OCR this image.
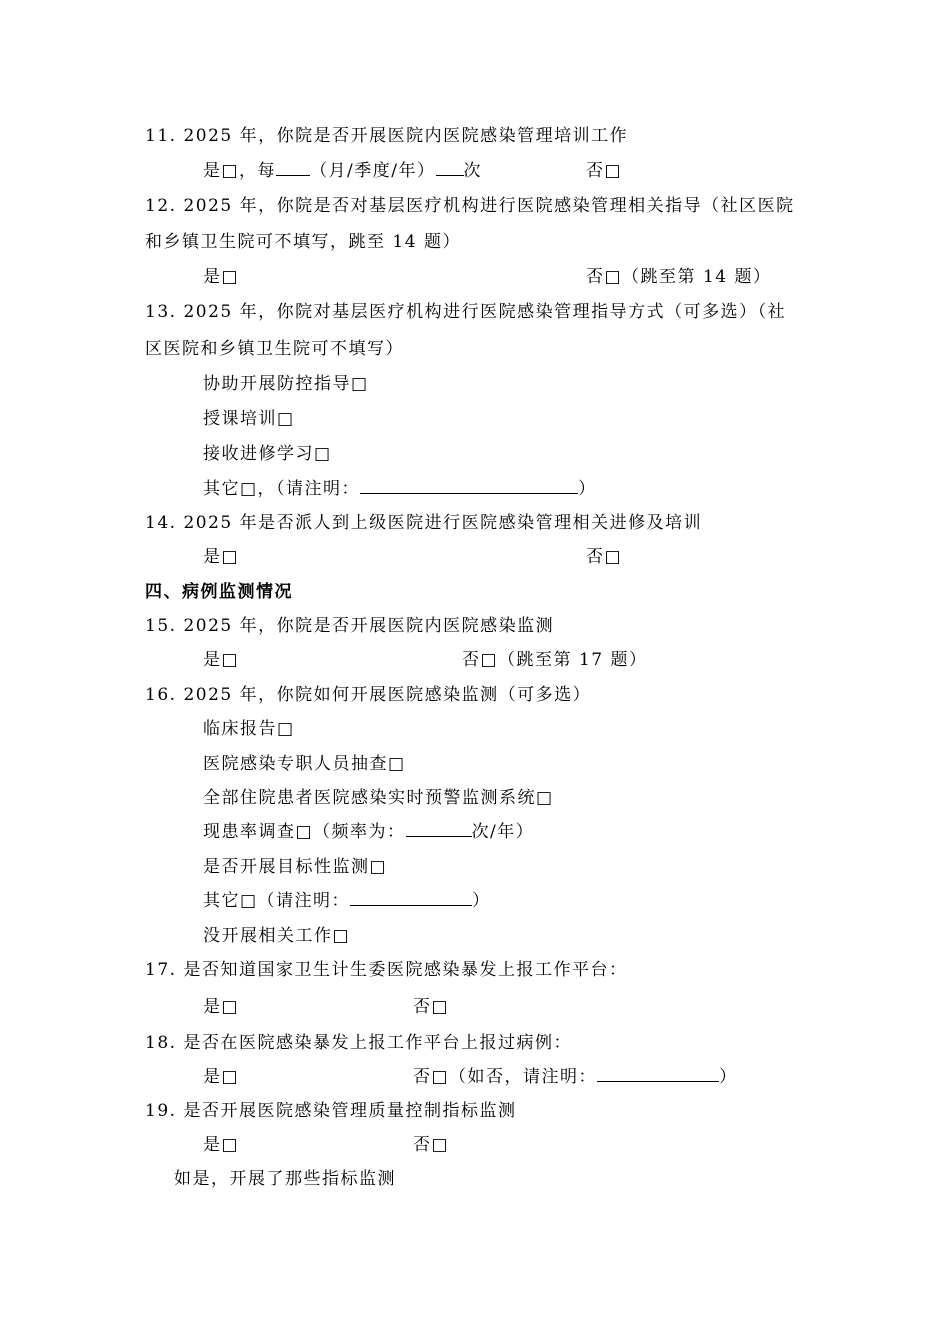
11. 2025 年，你院是否开展医院内医院感染管理培训工作
是□，每 （月/季度/年） 次	否□
12. 2025 年，你院是否对基层医疗机构进行医院感染管理相关指导（社区医院
和乡镇卫生院可不填写，跳至 14 题）
是□	否□（跳至第 14 题）
13. 2025 年，你院对基层医疗机构进行医院感染管理指导方式（可多选）（社
区医院和乡镇卫生院可不填写）
协助开展防控指导□
授课培训□
接收进修学习□
其它□，（请注明：	）
14. 2025 年是否派人到上级医院进行医院感染管理相关进修及培训
是□	否□
四、病例监测情况
15. 2025 年，你院是否开展医院内医院感染监测
是□	否□（跳至第 17 题）
16. 2025 年，你院如何开展医院感染监测（可多选）
临床报告□
医院感染专职人员抽查□
全部住院患者医院感染实时预警监测系统□
现患率调查□（频率为：	次/年）
是否开展目标性监测□
其它□（请注明：	）
没开展相关工作□
17. 是否知道国家卫生计生委医院感染暴发上报工作平台：
是□	否□
18. 是否在医院感染暴发上报工作平台上报过病例：
是□	否□（如否，请注明：	）
19. 是否开展医院感染管理质量控制指标监测
是□	否□
如是，开展了那些指标监测
